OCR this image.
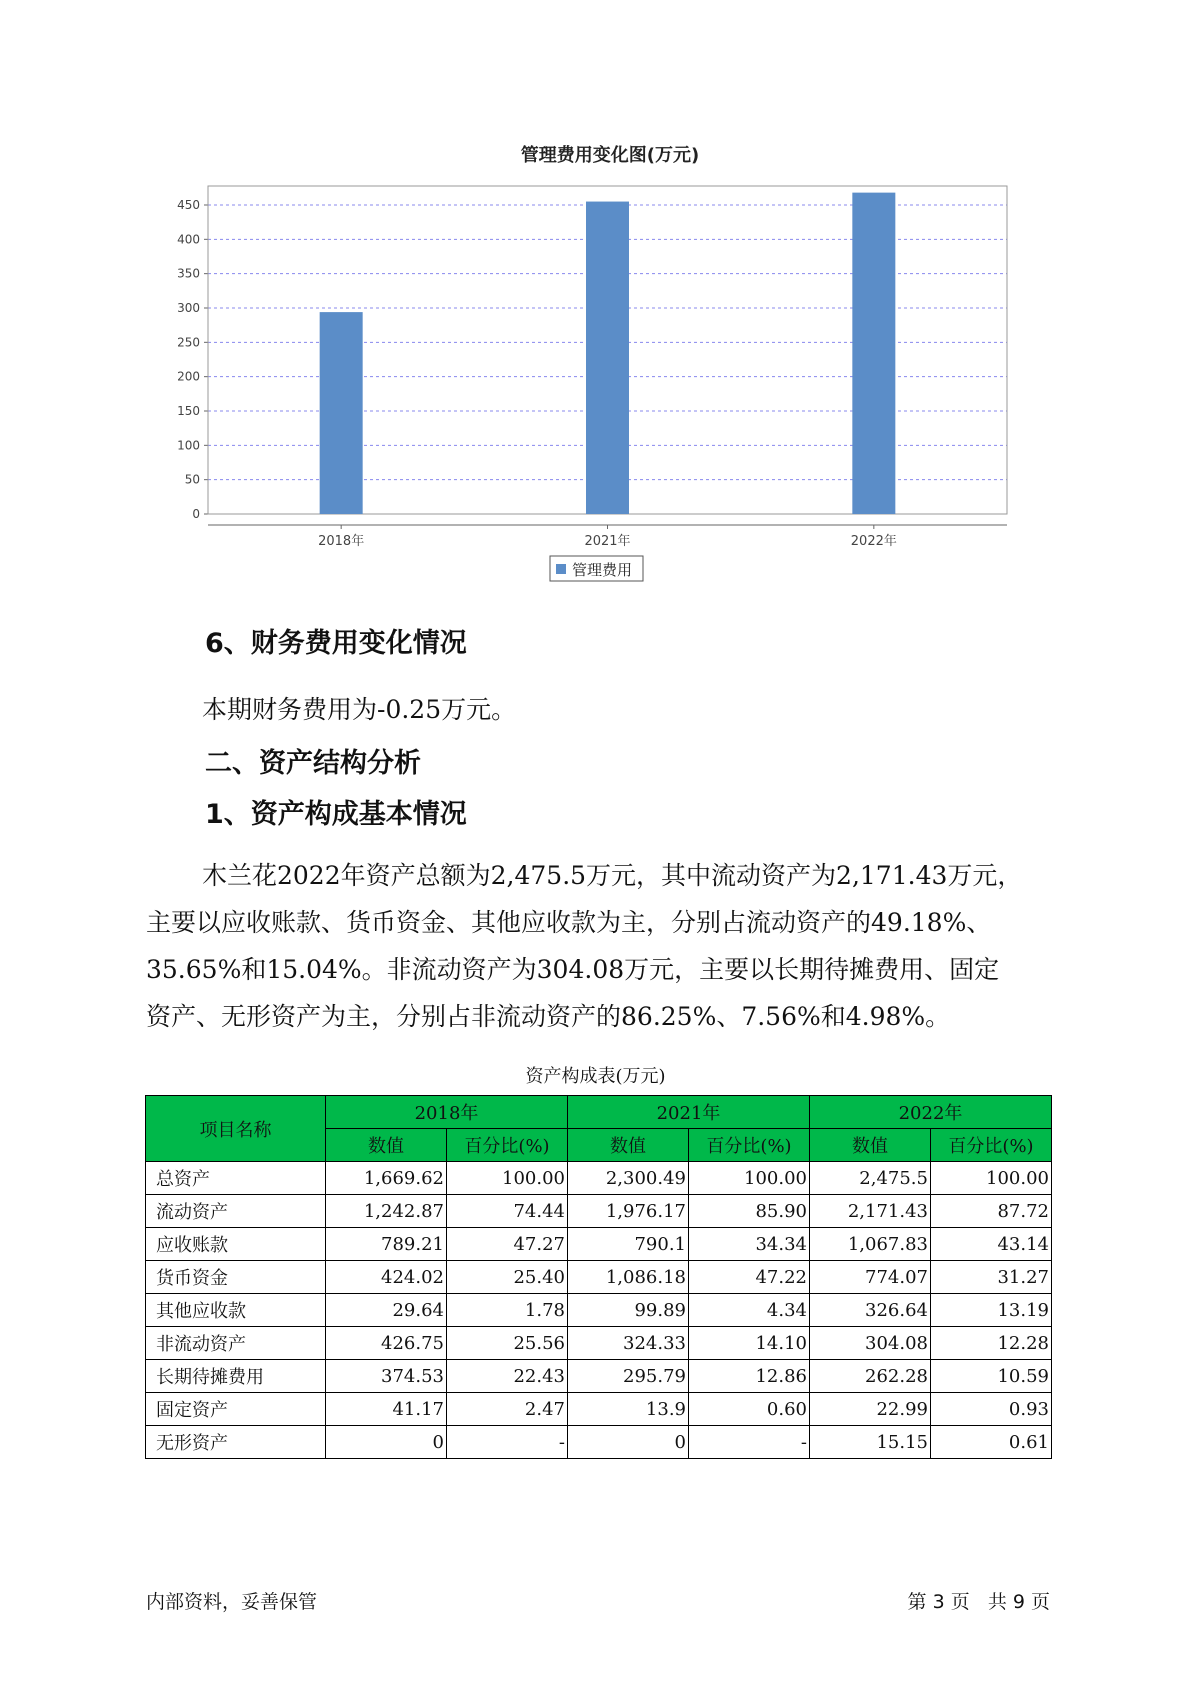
管理费用变化图(万元)
0
50
100
150
200
250
300
350
400
450
2018年	2021年	2022年
管理费用
6、财务费用变化情况

本期财务费用为-0.25万元。

二、资产结构分析
1、资产构成基本情况

木兰花2022年资产总额为2,475.5万元，其中流动资产为2,171.43万元，

主要以应收账款、货币资金、其他应收款为主，分别占流动资产的49.18%、

35.65%和15.04%。非流动资产为304.08万元，主要以长期待摊费用、固定

资产、无形资产为主，分别占非流动资产的86.25%、7.56%和4.98%。

资产构成表(万元)

项目名称	2018年		2021年		2022年	
	数值	百分比(%)	数值	百分比(%)	数值	百分比(%)
总资产	1,669.62	100.00	2,300.49	100.00	2,475.5	100.00
流动资产	1,242.87	74.44	1,976.17	85.90	2,171.43	87.72
应收账款	789.21	47.27	790.1	34.34	1,067.83	43.14
货币资金	424.02	25.40	1,086.18	47.22	774.07	31.27
其他应收款	29.64	1.78	99.89	4.34	326.64	13.19
非流动资产	426.75	25.56	324.33	14.10	304.08	12.28
长期待摊费用	374.53	22.43	295.79	12.86	262.28	10.59
固定资产	41.17	2.47	13.9	0.60	22.99	0.93
无形资产	0	-	0	-	15.15	0.61

内部资料，妥善保管	第 3 页   共 9 页
